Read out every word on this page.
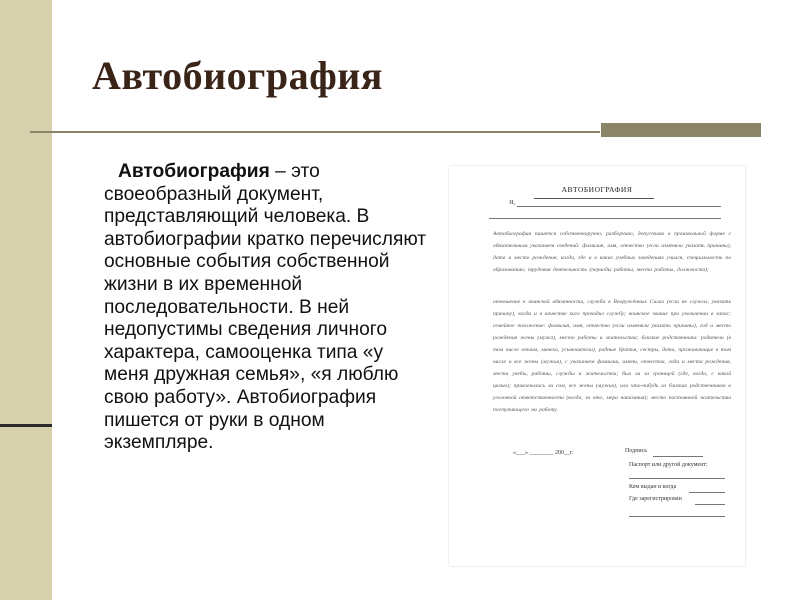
Автобиография

Автобиография – это своеобразный документ, представляющий человека. В автобиографии кратко перечисляют основные события собственной жизни в их временной последовательности. В ней недопустимы сведения личного характера, самооценка типа «у меня дружная семья», «я люблю свою работу». Автобиография пишется от руки в одном экземпляре.

АВТОБИОГРАФИЯ
Я,
Автобиография пишется собственноручно, разборчиво, допустимо в произвольной форме с обязательным указанием сведений: фамилия, имя, отчество (если изменяли указать причины), дата и место рождения, когда, где и в каких учебных заведениях учился, специальность по образованию; трудовая деятельность (периоды работы, места работы, должности);
отношение к воинской обязанности, служба в Вооружённых Силах (если не служил, указать причину), когда и в качестве кого проходил службу; воинское звание при увольнении в запас; семейное положение: фамилия, имя, отчество (если изменяли указать причины), год и место рождения жены (мужа), место работы и жительства; близкие родственники: родители (в том числе отчим, мачеха, усыновители), родные братья, сестры, дети, проживающие в том числе и все жены (мужья), с указанием фамилии, имени, отчества, года и места рождения, места учебы, работы, службы и жительства; был ли за границей (где, когда, с какой целью); привлекались ли сам, все жены (мужья), или что-нибудь из близких родственников к уголовной ответственности (когда, за что, мера наказания); место постоянной жительства поступающего на работу.
«___» ________ 200__г.	Подпись
Паспорт или другой документ:
Кем выдан и когда
Где зарегистрирован
